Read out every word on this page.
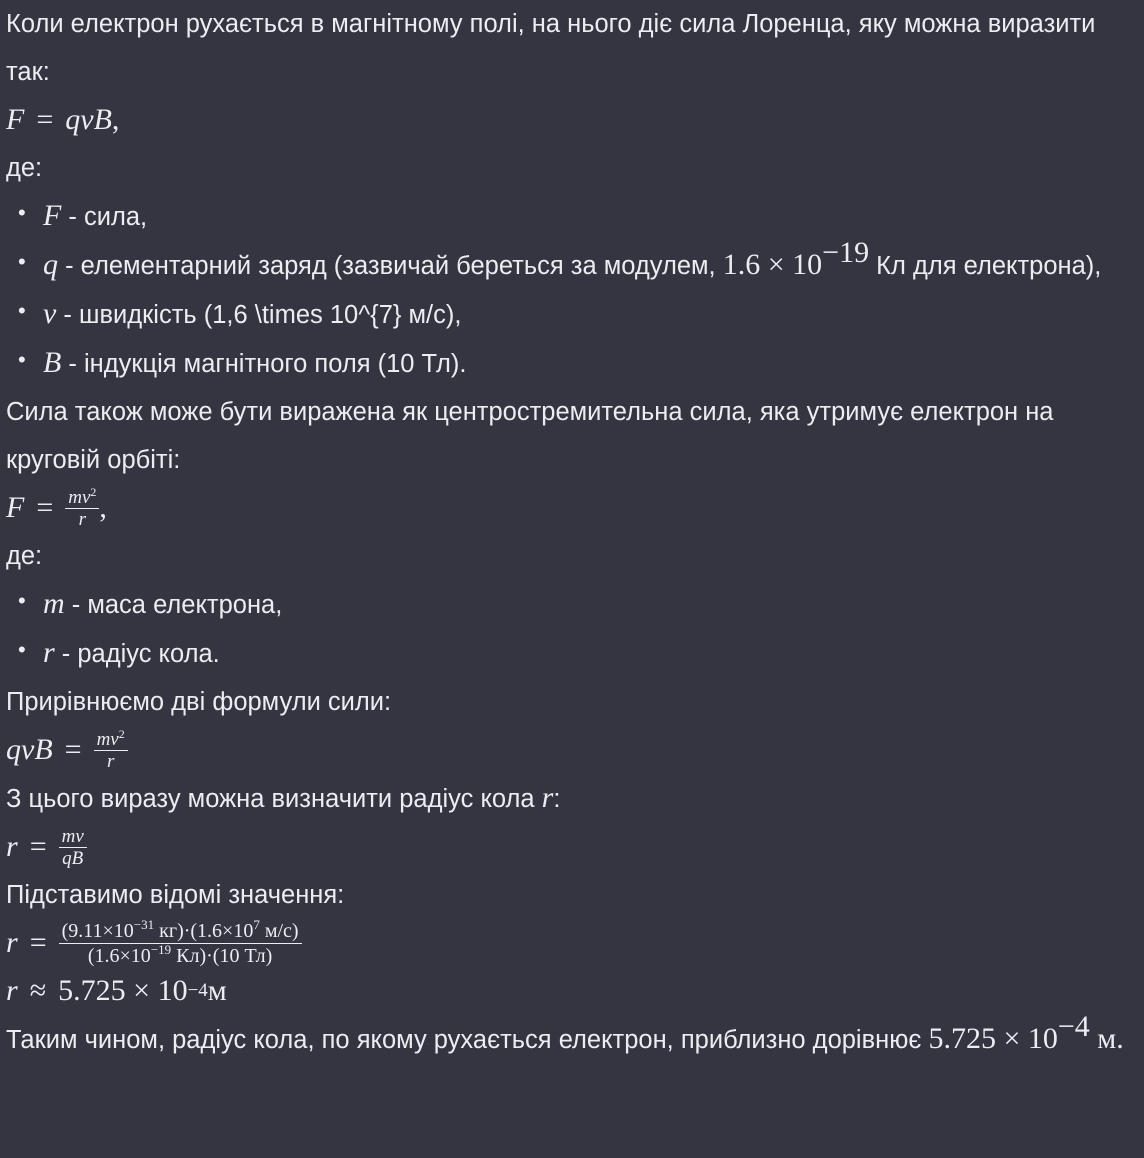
Коли електрон рухається в магнітному полі, на нього діє сила Лоренца, яку можна виразити так:

F = qvB ,

де:

• F - сила,
• q - елементарний заряд (зазвичай береться за модулем, $1.6 \times 10^{-19}$ Кл для електрона),
• v - швидкість (1,6 \times 10^{7} м/с),
• B - індукція магнітного поля (10 Тл).

Сила також може бути виражена як центростремительна сила, яка утримує електрон на круговій орбіті:

$F = \frac{mv^2}{r}$ ,

де:

• m - маса електрона,
• r - радіус кола.

Прирівнюємо дві формули сили:

qvB = $\frac{mv^2}{r}$

З цього виразу можна визначити радіус кола r:

$r = \frac{mv}{qB}$

Підставимо відомі значення:

$r = \frac{(9.11\times 10^{-31} кг)\cdot(1.6\times 10^7 м/с)}{(1.6\times 10^{-19} Кл)\cdot(10 Тл)}$
r ≈ 5.725 × 10 −4 м

Таким чином, радіус кола, по якому рухається електрон, приблизно дорівнює $5.725 \times 10^{-4}$ м.
